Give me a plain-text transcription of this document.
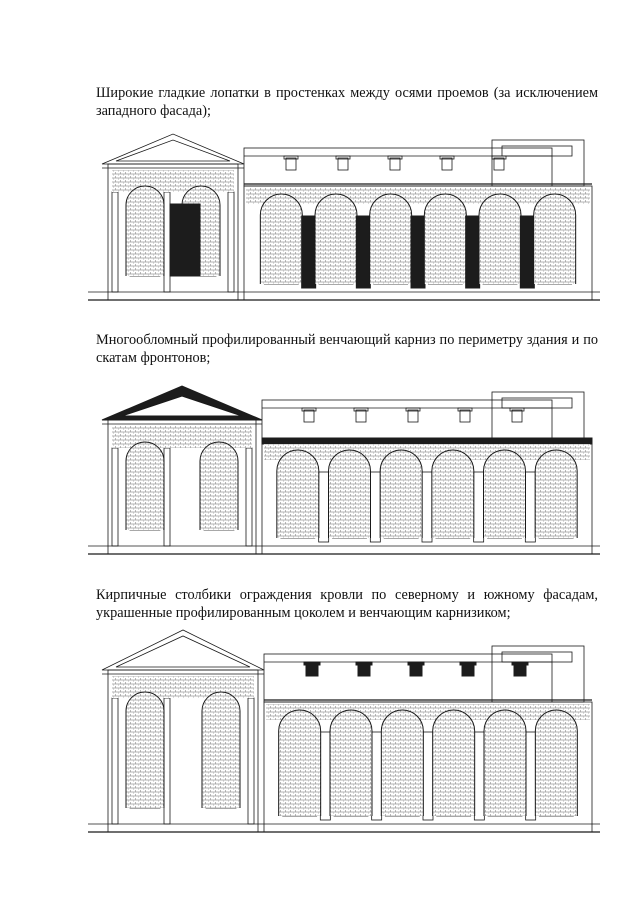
Широкие гладкие лопатки в простенках между осями проемов (за исключением западного фасада);
Многообломный профилированный венчающий карниз по периметру здания и по скатам фронтонов;
Кирпичные столбики ограждения кровли по северному и южному фасадам, украшенные профилированным цоколем и венчающим карнизиком;
